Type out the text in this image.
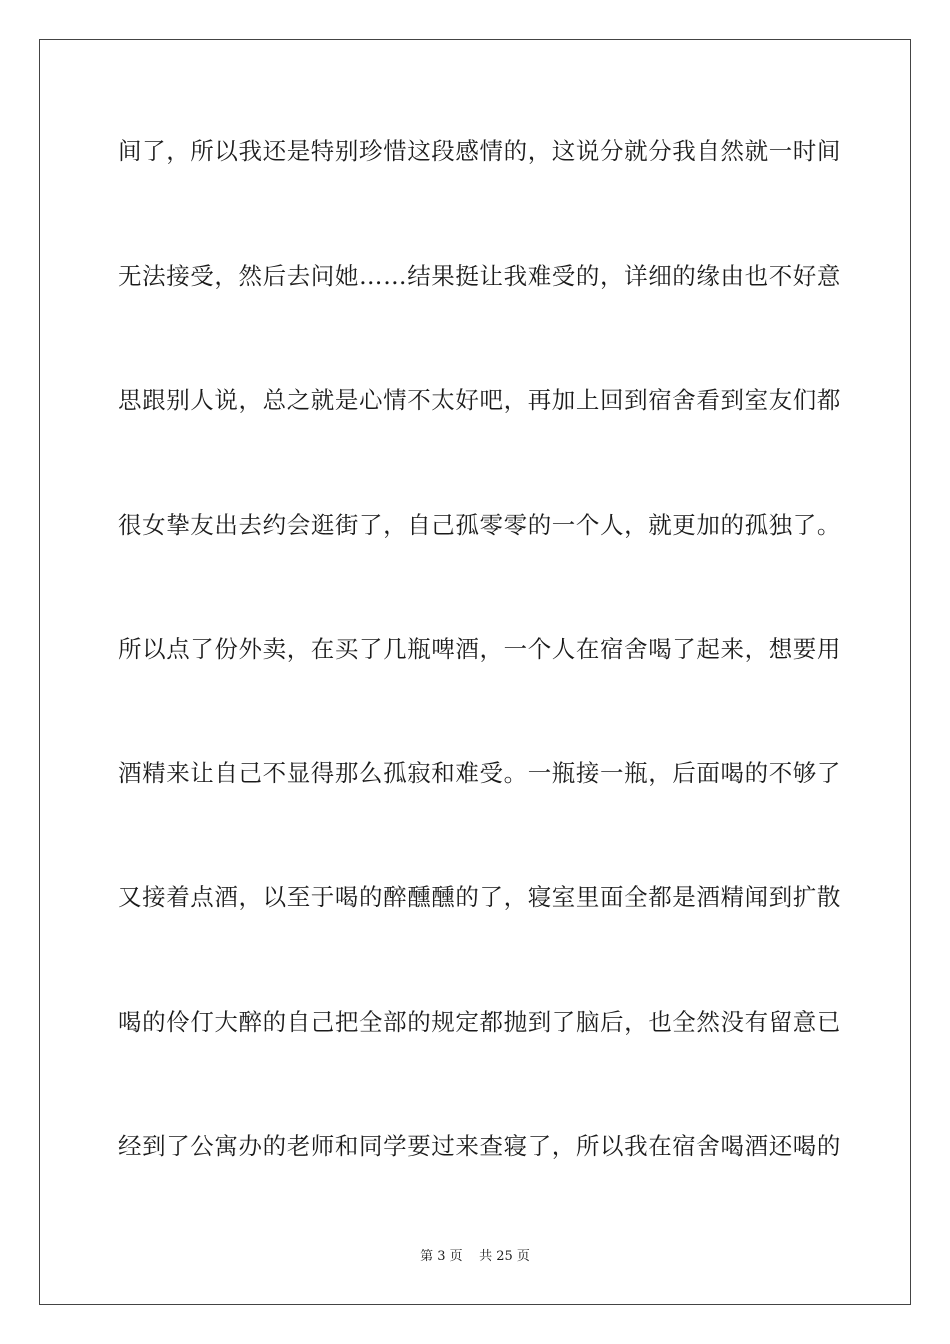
间了，所以我还是特别珍惜这段感情的，这说分就分我自然就一时间
无法接受，然后去问她……结果挺让我难受的，详细的缘由也不好意
思跟别人说，总之就是心情不太好吧，再加上回到宿舍看到室友们都
很女挚友出去约会逛街了，自己孤零零的一个人，就更加的孤独了。
所以点了份外卖，在买了几瓶啤酒，一个人在宿舍喝了起来，想要用
酒精来让自己不显得那么孤寂和难受。一瓶接一瓶，后面喝的不够了
又接着点酒，以至于喝的醉醺醺的了，寝室里面全都是酒精闻到扩散
喝的伶仃大醉的自己把全部的规定都抛到了脑后，也全然没有留意已
经到了公寓办的老师和同学要过来查寝了，所以我在宿舍喝酒还喝的
第 3 页    共 25 页
